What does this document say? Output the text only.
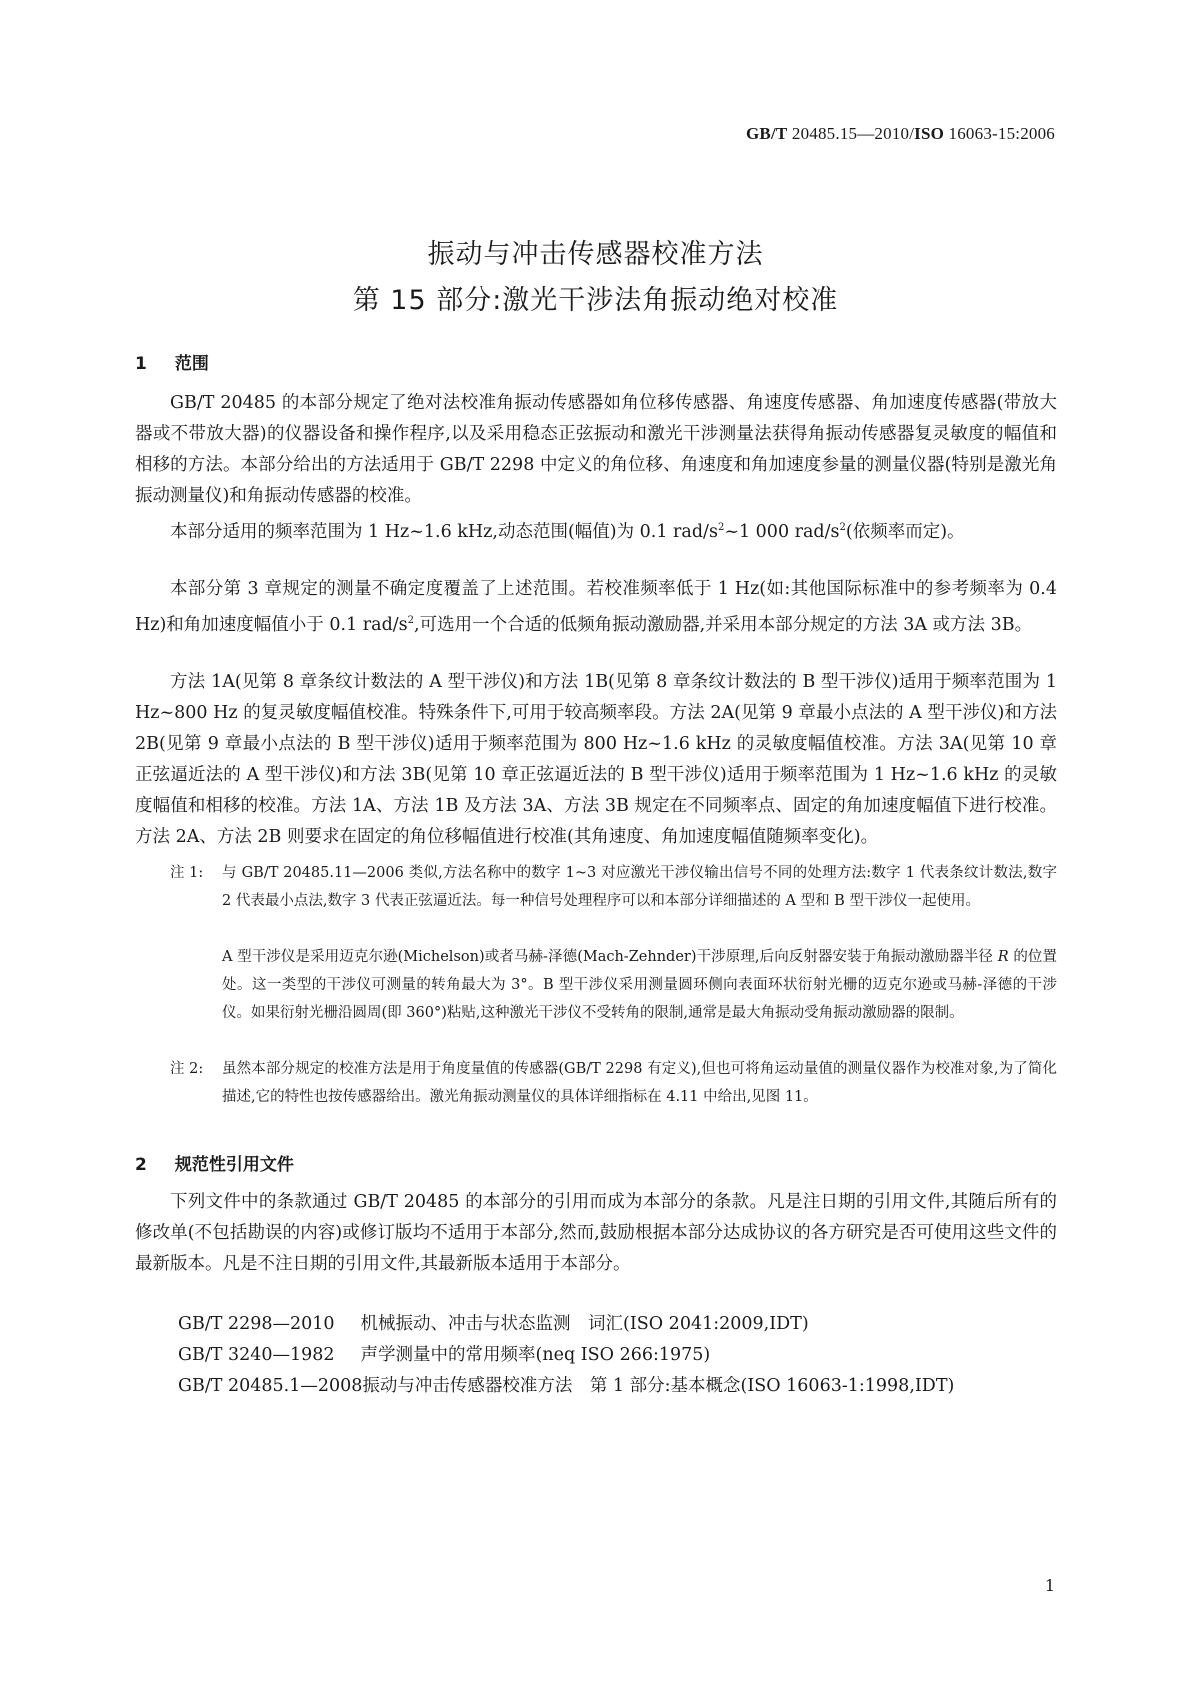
GB/T 20485.15—2010/ISO 16063-15:2006
振动与冲击传感器校准方法
第 15 部分:激光干涉法角振动绝对校准
1 范围
GB/T 20485 的本部分规定了绝对法校准角振动传感器如角位移传感器、角速度传感器、角加速度传感器(带放大器或不带放大器)的仪器设备和操作程序,以及采用稳态正弦振动和激光干涉测量法获得角振动传感器复灵敏度的幅值和相移的方法。本部分给出的方法适用于 GB/T 2298 中定义的角位移、角速度和角加速度参量的测量仪器(特别是激光角振动测量仪)和角振动传感器的校准。
本部分适用的频率范围为 1 Hz~1.6 kHz,动态范围(幅值)为 0.1 rad/$s^2\sim 1$ 000 rad/$s^2$(依频率而定)。
本部分第 3 章规定的测量不确定度覆盖了上述范围。若校准频率低于 1 Hz(如:其他国际标准中的参考频率为 0.4 Hz)和角加速度幅值小于 0.1 rad/$s^2$,可选用一个合适的低频角振动激励器,并采用本部分规定的方法 3A 或方法 3B。
方法 1A(见第 8 章条纹计数法的 A 型干涉仪)和方法 1B(见第 8 章条纹计数法的 B 型干涉仪)适用于频率范围为 1 Hz~800 Hz 的复灵敏度幅值校准。特殊条件下,可用于较高频率段。方法 2A(见第 9 章最小点法的 A 型干涉仪)和方法 2B(见第 9 章最小点法的 B 型干涉仪)适用于频率范围为 800 Hz~1.6 kHz 的灵敏度幅值校准。方法 3A(见第 10 章正弦逼近法的 A 型干涉仪)和方法 3B(见第 10 章正弦逼近法的 B 型干涉仪)适用于频率范围为 1 Hz~1.6 kHz 的灵敏度幅值和相移的校准。方法 1A、方法 1B 及方法 3A、方法 3B 规定在不同频率点、固定的角加速度幅值下进行校准。方法 2A、方法 2B 则要求在固定的角位移幅值进行校准(其角速度、角加速度幅值随频率变化)。
注 1:	与 GB/T 20485.11—2006 类似,方法名称中的数字 1~3 对应激光干涉仪输出信号不同的处理方法:数字 1 代表条纹计数法,数字 2 代表最小点法,数字 3 代表正弦逼近法。每一种信号处理程序可以和本部分详细描述的 A 型和 B 型干涉仪一起使用。
A 型干涉仪是采用迈克尔逊(Michelson)或者马赫-泽德(Mach-Zehnder)干涉原理,后向反射器安装于角振动激励器半径 R 的位置处。这一类型的干涉仪可测量的转角最大为 3°。B 型干涉仪采用测量圆环侧向表面环状衍射光栅的迈克尔逊或马赫-泽德的干涉仪。如果衍射光栅沿圆周(即 360°)粘贴,这种激光干涉仪不受转角的限制,通常是最大角振动受角振动激励器的限制。
注 2:	虽然本部分规定的校准方法是用于角度量值的传感器(GB/T 2298 有定义),但也可将角运动量值的测量仪器作为校准对象,为了简化描述,它的特性也按传感器给出。激光角振动测量仪的具体详细指标在 4.11 中给出,见图 11。
2 规范性引用文件
下列文件中的条款通过 GB/T 20485 的本部分的引用而成为本部分的条款。凡是注日期的引用文件,其随后所有的修改单(不包括勘误的内容)或修订版均不适用于本部分,然而,鼓励根据本部分达成协议的各方研究是否可使用这些文件的最新版本。凡是不注日期的引用文件,其最新版本适用于本部分。
GB/T 2298—2010 机械振动、冲击与状态监测　词汇(ISO 2041:2009,IDT)
GB/T 3240—1982 声学测量中的常用频率(neq ISO 266:1975)
GB/T 20485.1—2008振动与冲击传感器校准方法　第 1 部分:基本概念(ISO 16063-1:1998,IDT)
1
